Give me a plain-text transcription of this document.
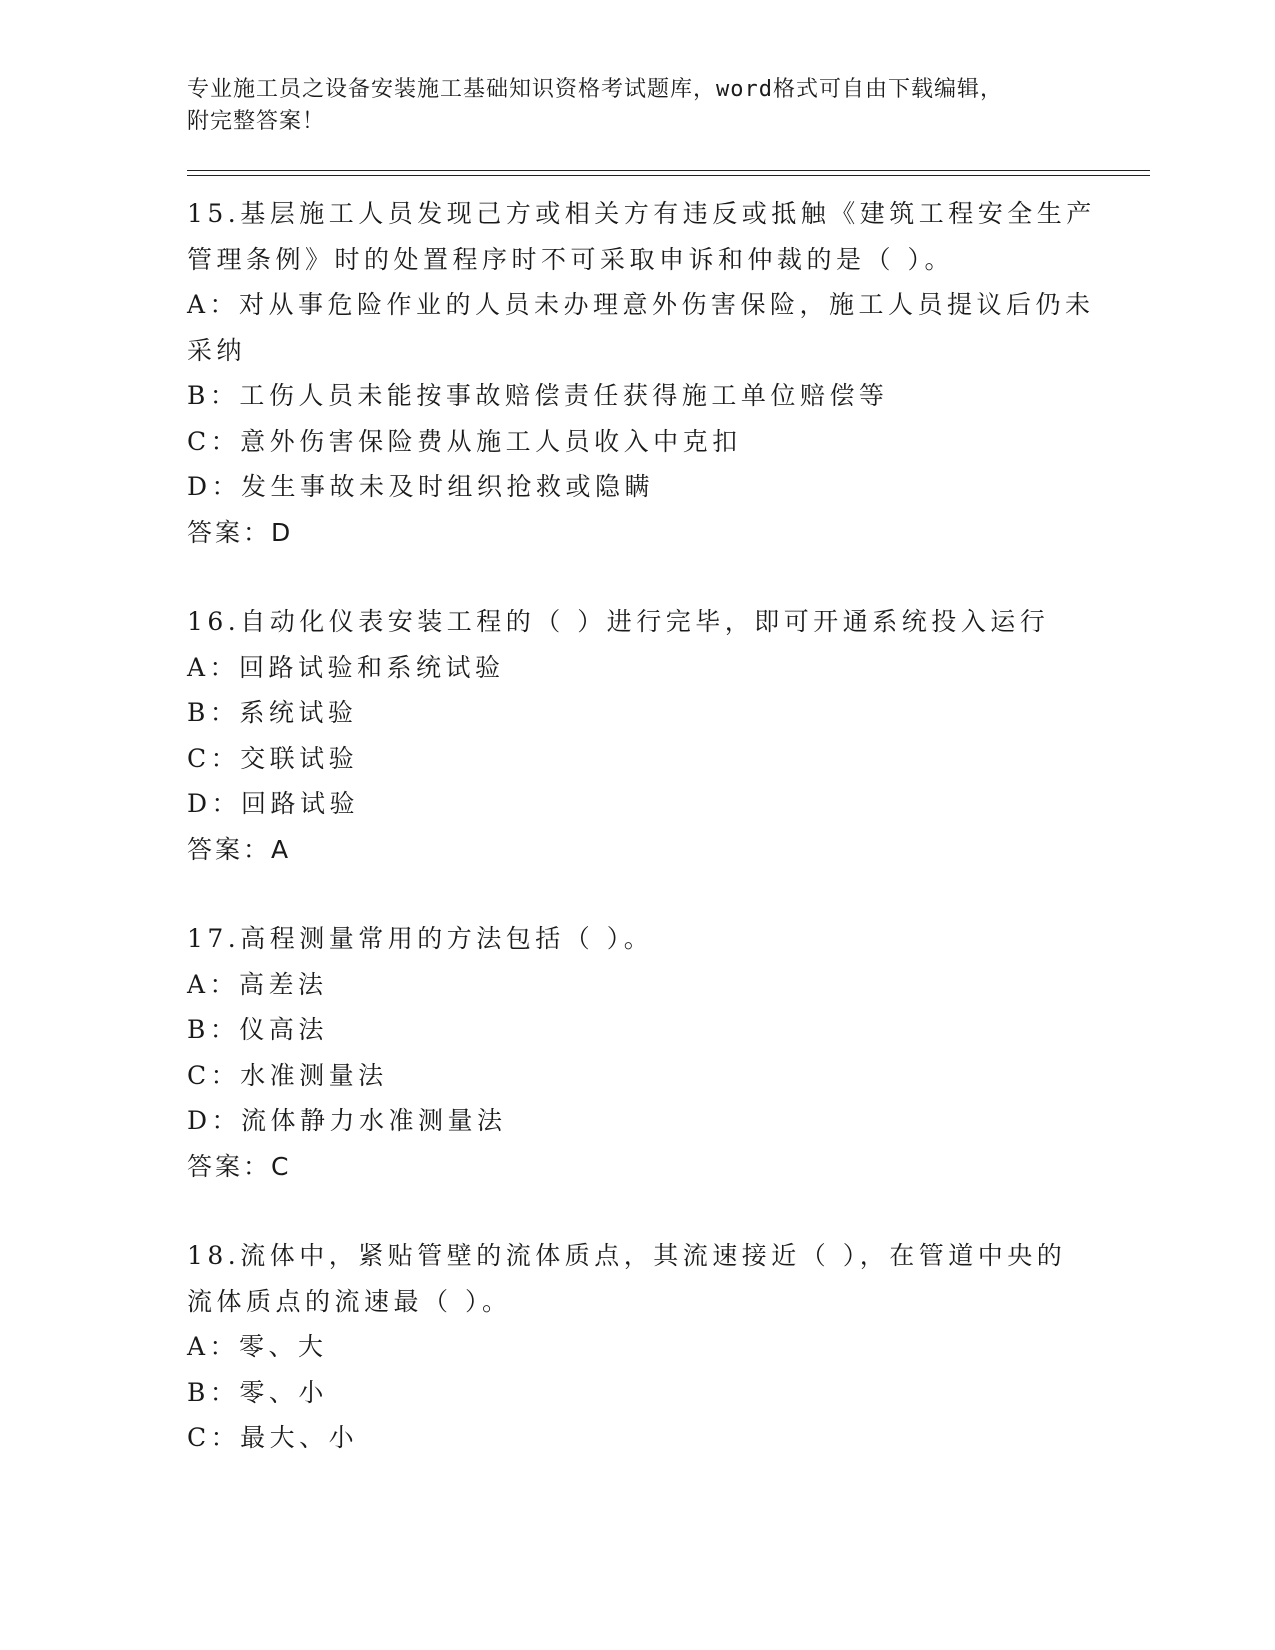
专业施工员之设备安装施工基础知识资格考试题库，word格式可自由下载编辑，
附完整答案！
15.基层施工人员发现己方或相关方有违反或抵触《建筑工程安全生产
管理条例》时的处置程序时不可采取申诉和仲裁的是（ ）。
A：对从事危险作业的人员未办理意外伤害保险，施工人员提议后仍未
采纳
B：工伤人员未能按事故赔偿责任获得施工单位赔偿等
C：意外伤害保险费从施工人员收入中克扣
D：发生事故未及时组织抢救或隐瞒
答案：D
16.自动化仪表安装工程的（ ）进行完毕，即可开通系统投入运行
A：回路试验和系统试验
B：系统试验
C：交联试验
D：回路试验
答案：A
17.高程测量常用的方法包括（ ）。
A：高差法
B：仪高法
C：水准测量法
D：流体静力水准测量法
答案：C
18.流体中，紧贴管壁的流体质点，其流速接近（ ），在管道中央的
流体质点的流速最（ ）。
A：零、大
B：零、小
C：最大、小
